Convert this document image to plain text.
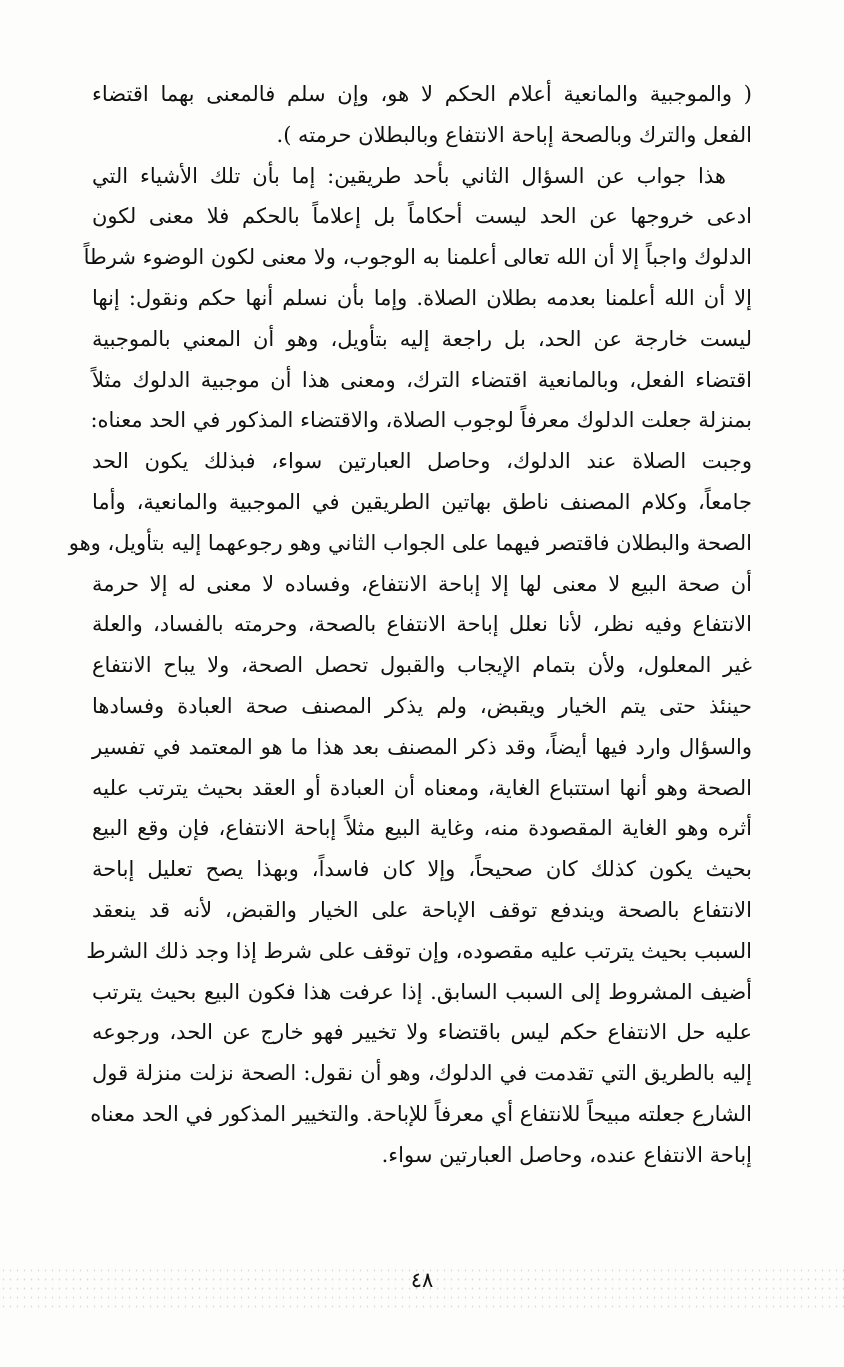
( والموجبية والمانعية أعلام الحكم لا هو، وإن سلم فالمعنى بهما اقتضاء
الفعل والترك وبالصحة إباحة الانتفاع وبالبطلان حرمته ).
هذا جواب عن السؤال الثاني بأحد طريقين: إما بأن تلك الأشياء التي
ادعى خروجها عن الحد ليست أحكاماً بل إعلاماً بالحكم فلا معنى لكون
الدلوك واجباً إلا أن الله تعالى أعلمنا به الوجوب، ولا معنى لكون الوضوء شرطاً
إلا أن الله أعلمنا بعدمه بطلان الصلاة. وإما بأن نسلم أنها حكم ونقول: إنها
ليست خارجة عن الحد، بل راجعة إليه بتأويل، وهو أن المعني بالموجبية
اقتضاء الفعل، وبالمانعية اقتضاء الترك، ومعنى هذا أن موجبية الدلوك مثلاً
بمنزلة جعلت الدلوك معرفاً لوجوب الصلاة، والاقتضاء المذكور في الحد معناه:
وجبت الصلاة عند الدلوك، وحاصل العبارتين سواء، فبذلك يكون الحد
جامعاً، وكلام المصنف ناطق بهاتين الطريقين في الموجبية والمانعية، وأما
الصحة والبطلان فاقتصر فيهما على الجواب الثاني وهو رجوعهما إليه بتأويل، وهو
أن صحة البيع لا معنى لها إلا إباحة الانتفاع، وفساده لا معنى له إلا حرمة
الانتفاع وفيه نظر، لأنا نعلل إباحة الانتفاع بالصحة، وحرمته بالفساد، والعلة
غير المعلول، ولأن بتمام الإيجاب والقبول تحصل الصحة، ولا يباح الانتفاع
حينئذ حتى يتم الخيار ويقبض، ولم يذكر المصنف صحة العبادة وفسادها
والسؤال وارد فيها أيضاً، وقد ذكر المصنف بعد هذا ما هو المعتمد في تفسير
الصحة وهو أنها استتباع الغاية، ومعناه أن العبادة أو العقد بحيث يترتب عليه
أثره وهو الغاية المقصودة منه، وغاية البيع مثلاً إباحة الانتفاع، فإن وقع البيع
بحيث يكون كذلك كان صحيحاً، وإلا كان فاسداً، وبهذا يصح تعليل إباحة
الانتفاع بالصحة ويندفع توقف الإباحة على الخيار والقبض، لأنه قد ينعقد
السبب بحيث يترتب عليه مقصوده، وإن توقف على شرط إذا وجد ذلك الشرط
أضيف المشروط إلى السبب السابق. إذا عرفت هذا فكون البيع بحيث يترتب
عليه حل الانتفاع حكم ليس باقتضاء ولا تخيير فهو خارج عن الحد، ورجوعه
إليه بالطريق التي تقدمت في الدلوك، وهو أن نقول: الصحة نزلت منزلة قول
الشارع جعلته مبيحاً للانتفاع أي معرفاً للإباحة. والتخيير المذكور في الحد معناه
إباحة الانتفاع عنده، وحاصل العبارتين سواء.
٤٨
